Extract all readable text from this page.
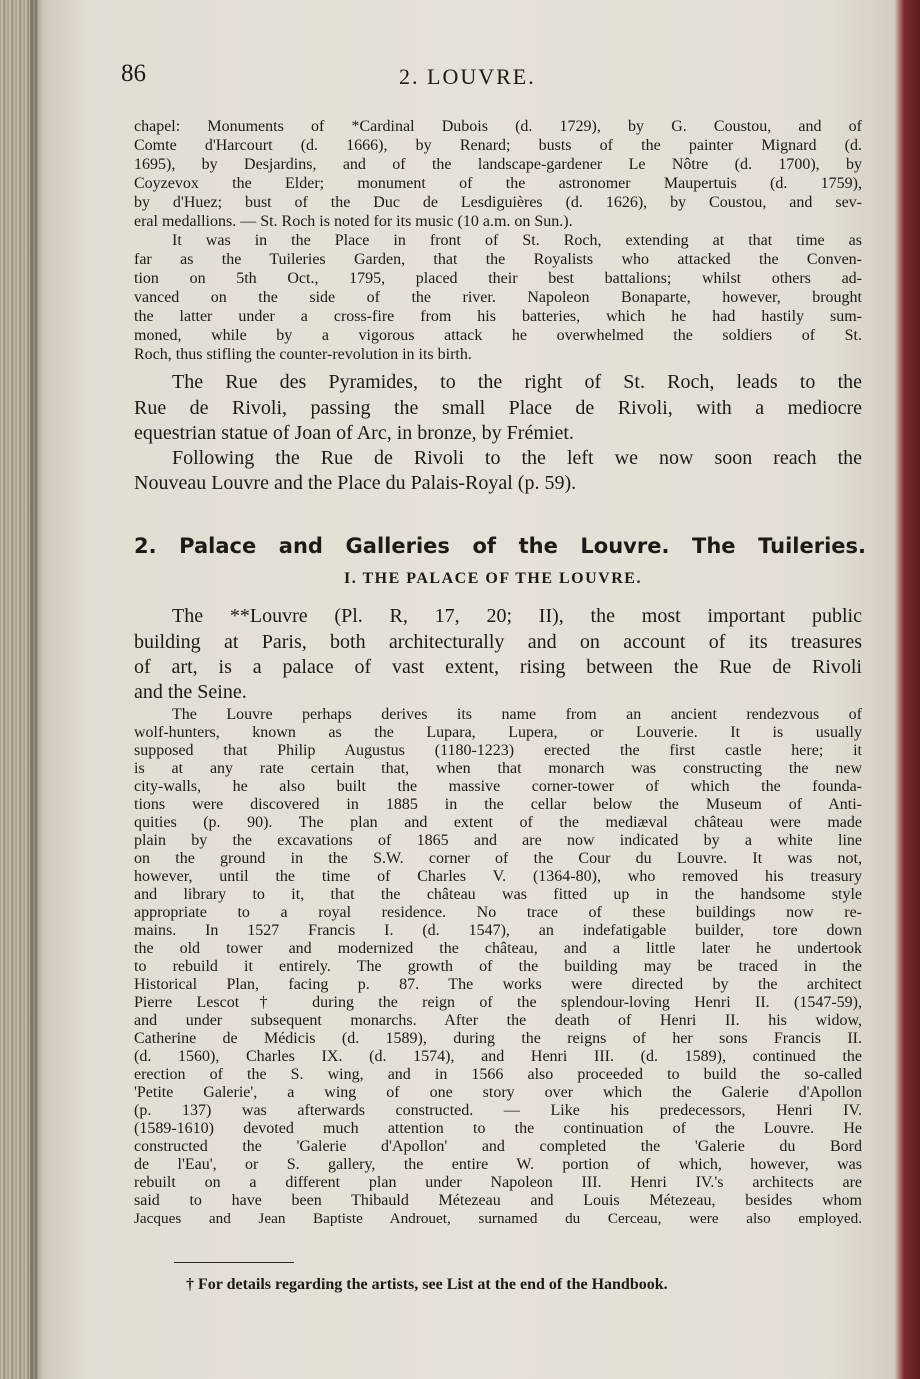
86	2. LOUVRE.

chapel: Monuments of *Cardinal Dubois (d. 1729), by G. Coustou, and of

Comte d'Harcourt (d. 1666), by Renard; busts of the painter Mignard (d.

1695), by Desjardins, and of the landscape-gardener Le Nôtre (d. 1700), by

Coyzevox the Elder; monument of the astronomer Maupertuis (d. 1759),

by d'Huez; bust of the Duc de Lesdiguières (d. 1626), by Coustou, and sev-

eral medallions. — St. Roch is noted for its music (10 a.m. on Sun.).

It was in the Place in front of St. Roch, extending at that time as

far as the Tuileries Garden, that the Royalists who attacked the Conven-

tion on 5th Oct., 1795, placed their best battalions; whilst others ad-

vanced on the side of the river. Napoleon Bonaparte, however, brought

the latter under a cross-fire from his batteries, which he had hastily sum-

moned, while by a vigorous attack he overwhelmed the soldiers of St.

Roch, thus stifling the counter-revolution in its birth.

The Rue des Pyramides, to the right of St. Roch, leads to the

Rue de Rivoli, passing the small Place de Rivoli, with a mediocre

equestrian statue of Joan of Arc, in bronze, by Frémiet.

Following the Rue de Rivoli to the left we now soon reach the

Nouveau Louvre and the Place du Palais-Royal (p. 59).

2. Palace and Galleries of the Louvre. The Tuileries.
I. THE PALACE OF THE LOUVRE.

The **Louvre (Pl. R, 17, 20; II), the most important public

building at Paris, both architecturally and on account of its treasures

of art, is a palace of vast extent, rising between the Rue de Rivoli

and the Seine.

The Louvre perhaps derives its name from an ancient rendezvous of

wolf-hunters, known as the Lupara, Lupera, or Louverie. It is usually

supposed that Philip Augustus (1180-1223) erected the first castle here; it

is at any rate certain that, when that monarch was constructing the new

city-walls, he also built the massive corner-tower of which the founda-

tions were discovered in 1885 in the cellar below the Museum of Anti-

quities (p. 90). The plan and extent of the mediæval château were made

plain by the excavations of 1865 and are now indicated by a white line

on the ground in the S.W. corner of the Cour du Louvre. It was not,

however, until the time of Charles V. (1364-80), who removed his treasury

and library to it, that the château was fitted up in the handsome style

appropriate to a royal residence. No trace of these buildings now re-

mains. In 1527 Francis I. (d. 1547), an indefatigable builder, tore down

the old tower and modernized the château, and a little later he undertook

to rebuild it entirely. The growth of the building may be traced in the

Historical Plan, facing p. 87. The works were directed by the architect

Pierre Lescot† during the reign of the splendour-loving Henri II. (1547-59),

and under subsequent monarchs. After the death of Henri II. his widow,

Catherine de Médicis (d. 1589), during the reigns of her sons Francis II.

(d. 1560), Charles IX. (d. 1574), and Henri III. (d. 1589), continued the

erection of the S. wing, and in 1566 also proceeded to build the so-called

'Petite Galerie', a wing of one story over which the Galerie d'Apollon

(p. 137) was afterwards constructed. — Like his predecessors, Henri IV.

(1589-1610) devoted much attention to the continuation of the Louvre. He

constructed the 'Galerie d'Apollon' and completed the 'Galerie du Bord

de l'Eau', or S. gallery, the entire W. portion of which, however, was

rebuilt on a different plan under Napoleon III. Henri IV.'s architects are

said to have been Thibauld Métezeau and Louis Métezeau, besides whom

Jacques and Jean Baptiste Androuet, surnamed du Cerceau, were also employed.

† For details regarding the artists, see List at the end of the Handbook.
